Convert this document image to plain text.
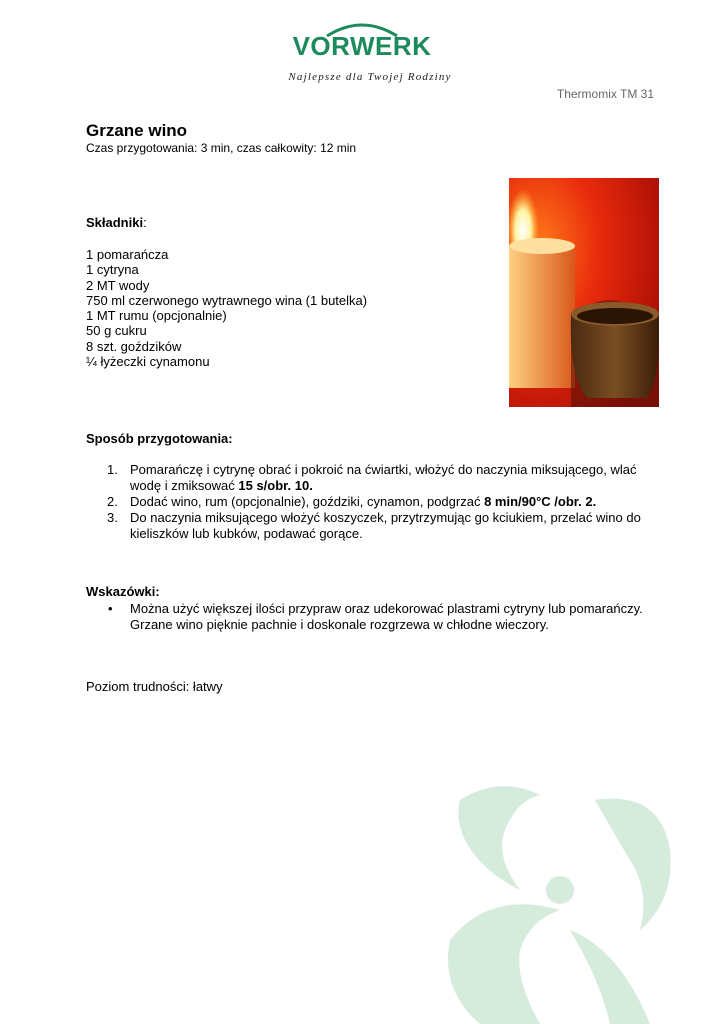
VORWERK
Najlepsze dla Twojej Rodziny
Thermomix TM 31
Grzane wino
Czas przygotowania: 3 min, czas całkowity: 12 min
Składniki:
1 pomarańcza
1 cytryna
2 MT wody
750 ml czerwonego wytrawnego wina (1 butelka)
1 MT rumu (opcjonalnie)
50 g cukru
8 szt. goździków
¼ łyżeczki cynamonu
Sposób przygotowania:
1. Pomarańczę i cytrynę obrać i pokroić na ćwiartki, włożyć do naczynia miksującego, wlać wodę i zmiksować 15 s/obr. 10.
2. Dodać wino, rum (opcjonalnie), goździki, cynamon, podgrzać 8 min/90°C /obr. 2.
3. Do naczynia miksującego włożyć koszyczek, przytrzymując go kciukiem, przelać wino do kieliszków lub kubków, podawać gorące.
Wskazówki:
• Można użyć większej ilości przypraw oraz udekorować plastrami cytryny lub pomarańczy. Grzane wino pięknie pachnie i doskonale rozgrzewa w chłodne wieczory.
Poziom trudności: łatwy
